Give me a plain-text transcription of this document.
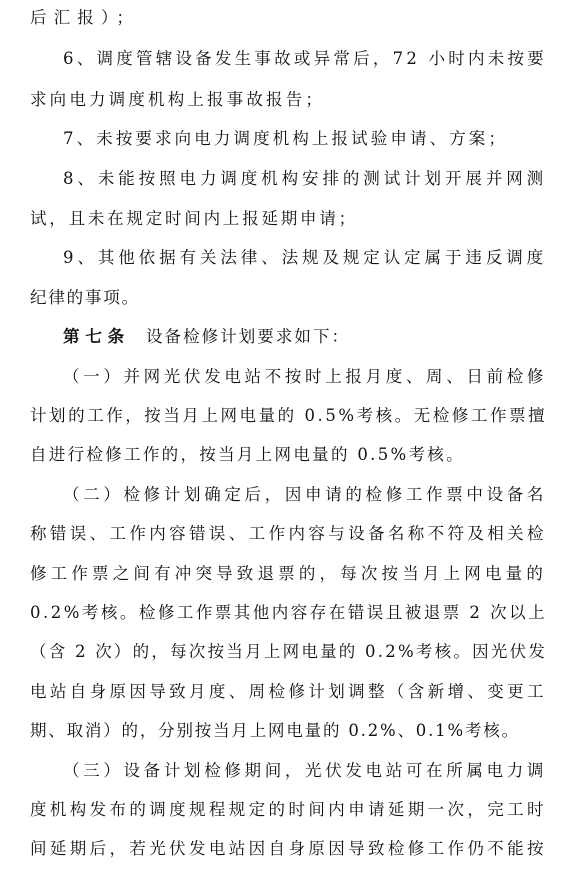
后汇报）；
6、调度管辖设备发生事故或异常后，72 小时内未按要
求向电力调度机构上报事故报告；
7、未按要求向电力调度机构上报试验申请、方案；
8、未能按照电力调度机构安排的测试计划开展并网测
试，且未在规定时间内上报延期申请；
9、其他依据有关法律、法规及规定认定属于违反调度
纪律的事项。
第七条 设备检修计划要求如下：
（一）并网光伏发电站不按时上报月度、周、日前检修
计划的工作，按当月上网电量的 0.5%考核。无检修工作票擅
自进行检修工作的，按当月上网电量的 0.5%考核。
（二）检修计划确定后，因申请的检修工作票中设备名
称错误、工作内容错误、工作内容与设备名称不符及相关检
修工作票之间有冲突导致退票的，每次按当月上网电量的
0.2%考核。检修工作票其他内容存在错误且被退票 2 次以上
（含 2 次）的，每次按当月上网电量的 0.2%考核。因光伏发
电站自身原因导致月度、周检修计划调整（含新增、变更工
期、取消）的，分别按当月上网电量的 0.2%、0.1%考核。
（三）设备计划检修期间，光伏发电站可在所属电力调
度机构发布的调度规程规定的时间内申请延期一次，完工时
间延期后，若光伏发电站因自身原因导致检修工作仍不能按
